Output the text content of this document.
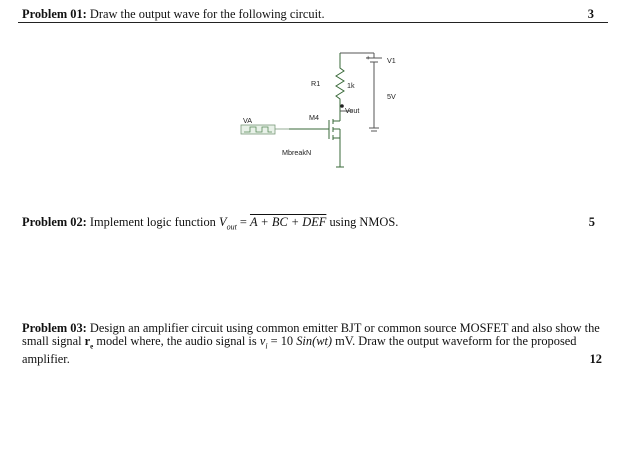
Problem 01: Draw the output wave for the following circuit.	3
+ V1
5V
R1	1k
Vout
M4
MbreakN
VA
Problem 02: Implement logic function $V_{out} = A$ + BC + DEF using NMOS.	5
Problem 03: Design an amplifier circuit using common emitter BJT or common source MOSFET and also show the small signal $r_e$ model where, the audio signal is $v_i = 10$ Sin(wt) mV. Draw the output waveform for the proposed amplifier.	12
